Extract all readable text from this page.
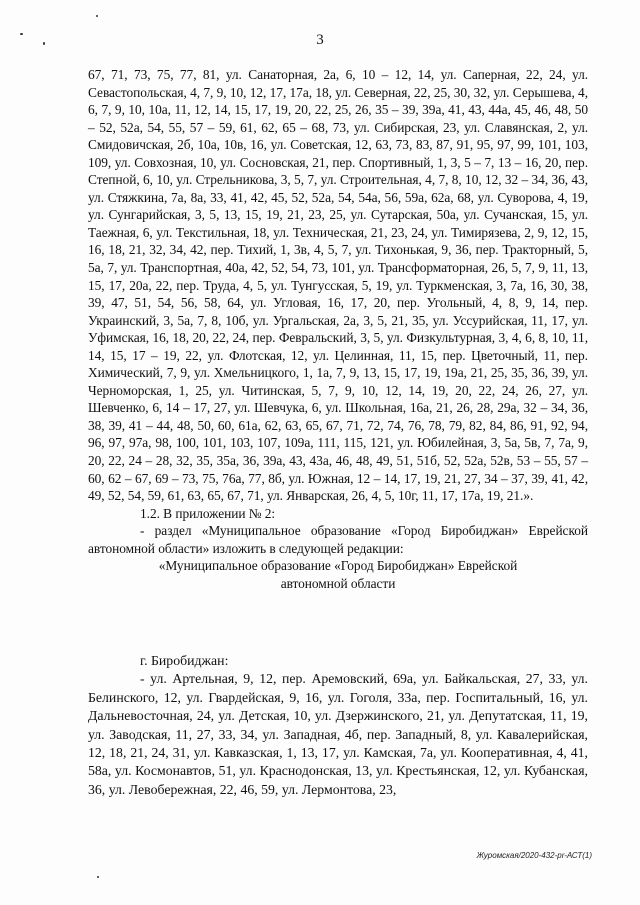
3

67, 71, 73, 75, 77, 81, ул. Санаторная, 2а, 6, 10 – 12, 14, ул. Саперная, 22, 24, ул. Севастопольская, 4, 7, 9, 10, 12, 17, 17а, 18, ул. Северная, 22, 25, 30, 32, ул. Серышева, 4, 6, 7, 9, 10, 10а, 11, 12, 14, 15, 17, 19, 20, 22, 25, 26, 35 – 39, 39а, 41, 43, 44а, 45, 46, 48, 50 – 52, 52а, 54, 55, 57 – 59, 61, 62, 65 – 68, 73, ул. Сибирская, 23, ул. Славянская, 2, ул. Смидовичская, 2б, 10а, 10в, 16, ул. Советская, 12, 63, 73, 83, 87, 91, 95, 97, 99, 101, 103, 109, ул. Совхозная, 10, ул. Сосновская, 21, пер. Спортивный, 1, 3, 5 – 7, 13 – 16, 20, пер. Степной, 6, 10, ул. Стрельникова, 3, 5, 7, ул. Строительная, 4, 7, 8, 10, 12, 32 – 34, 36, 43, ул. Стяжкина, 7а, 8а, 33, 41, 42, 45, 52, 52а, 54, 54а, 56, 59а, 62а, 68, ул. Суворова, 4, 19, ул. Сунгарийская, 3, 5, 13, 15, 19, 21, 23, 25, ул. Сутарская, 50а, ул. Сучанская, 15, ул. Таежная, 6, ул. Текстильная, 18, ул. Техническая, 21, 23, 24, ул. Тимирязева, 2, 9, 12, 15, 16, 18, 21, 32, 34, 42, пер. Тихий, 1, 3в, 4, 5, 7, ул. Тихонькая, 9, 36, пер. Тракторный, 5, 5а, 7, ул. Транспортная, 40а, 42, 52, 54, 73, 101, ул. Трансформаторная, 26, 5, 7, 9, 11, 13, 15, 17, 20а, 22, пер. Труда, 4, 5, ул. Тунгусская, 5, 19, ул. Туркменская, 3, 7а, 16, 30, 38, 39, 47, 51, 54, 56, 58, 64, ул. Угловая, 16, 17, 20, пер. Угольный, 4, 8, 9, 14, пер. Украинский, 3, 5а, 7, 8, 10б, ул. Ургальская, 2а, 3, 5, 21, 35, ул. Уссурийская, 11, 17, ул. Уфимская, 16, 18, 20, 22, 24, пер. Февральский, 3, 5, ул. Физкультурная, 3, 4, 6, 8, 10, 11, 14, 15, 17 – 19, 22, ул. Флотская, 12, ул. Целинная, 11, 15, пер. Цветочный, 11, пер. Химический, 7, 9, ул. Хмельницкого, 1, 1а, 7, 9, 13, 15, 17, 19, 19а, 21, 25, 35, 36, 39, ул. Черноморская, 1, 25, ул. Читинская, 5, 7, 9, 10, 12, 14, 19, 20, 22, 24, 26, 27, ул. Шевченко, 6, 14 – 17, 27, ул. Шевчука, 6, ул. Школьная, 16а, 21, 26, 28, 29а, 32 – 34, 36, 38, 39, 41 – 44, 48, 50, 60, 61а, 62, 63, 65, 67, 71, 72, 74, 76, 78, 79, 82, 84, 86, 91, 92, 94, 96, 97, 97а, 98, 100, 101, 103, 107, 109а, 111, 115, 121, ул. Юбилейная, 3, 5а, 5в, 7, 7а, 9, 20, 22, 24 – 28, 32, 35, 35а, 36, 39а, 43, 43а, 46, 48, 49, 51, 51б, 52, 52а, 52в, 53 – 55, 57 – 60, 62 – 67, 69 – 73, 75, 76а, 77, 8б, ул. Южная, 12 – 14, 17, 19, 21, 27, 34 – 37, 39, 41, 42, 49, 52, 54, 59, 61, 63, 65, 67, 71, ул. Январская, 26, 4, 5, 10г, 11, 17, 17а, 19, 21.».

1.2. В приложении № 2:

- раздел «Муниципальное образование «Город Биробиджан» Еврейской автономной области» изложить в следующей редакции:

«Муниципальное образование «Город Биробиджан» Еврейской автономной области

г. Биробиджан:

- ул. Артельная, 9, 12, пер. Аремовский, 69а, ул. Байкальская, 27, 33, ул. Белинского, 12, ул. Гвардейская, 9, 16, ул. Гоголя, 33а, пер. Госпитальный, 16, ул. Дальневосточная, 24, ул. Детская, 10, ул. Дзержинского, 21, ул. Депутатская, 11, 19, ул. Заводская, 11, 27, 33, 34, ул. Западная, 4б, пер. Западный, 8, ул. Кавалерийская, 12, 18, 21, 24, 31, ул. Кавказская, 1, 13, 17, ул. Камская, 7а, ул. Кооперативная, 4, 41, 58а, ул. Космонавтов, 51, ул. Краснодонская, 13, ул. Крестьянская, 12, ул. Кубанская, 36, ул. Левобережная, 22, 46, 59, ул. Лермонтова, 23,

Журомская/2020-432-pr-АСТ(1)
